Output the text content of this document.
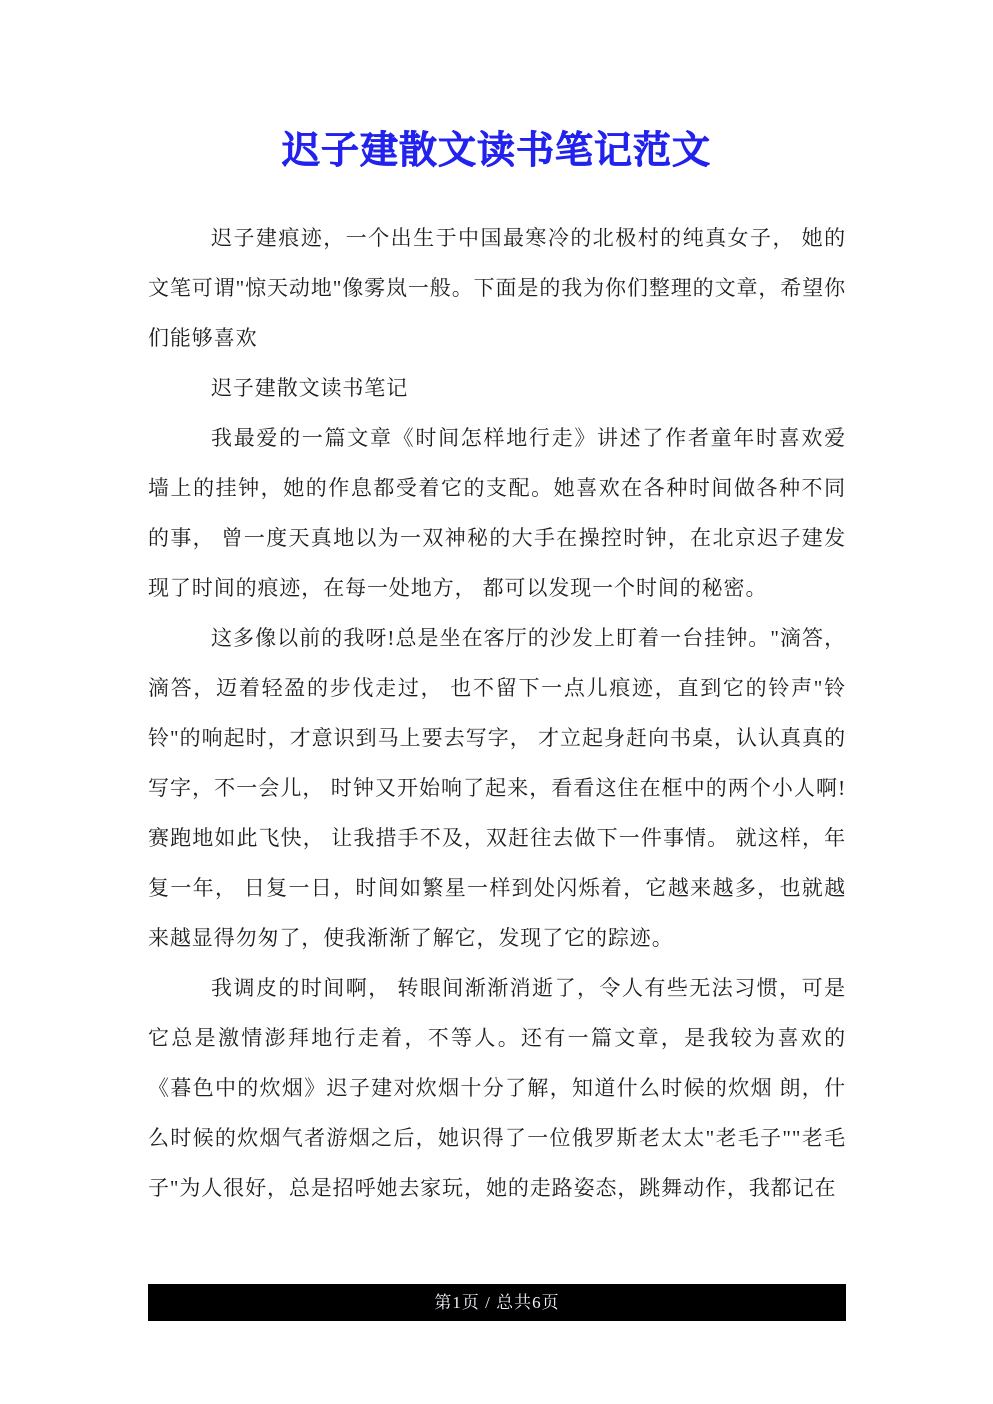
迟子建散文读书笔记范文
迟子建痕迹，一个出生于中国最寒冷的北极村的纯真女子， 她的文笔可谓"惊天动地"像雾岚一般。下面是的我为你们整理的文章，希望你们能够喜欢
迟子建散文读书笔记
我最爱的一篇文章《时间怎样地行走》讲述了作者童年时喜欢爱墙上的挂钟，她的作息都受着它的支配。她喜欢在各种时间做各种不同的事， 曾一度天真地以为一双神秘的大手在操控时钟，在北京迟子建发现了时间的痕迹，在每一处地方， 都可以发现一个时间的秘密。
这多像以前的我呀!总是坐在客厅的沙发上盯着一台挂钟。"滴答，滴答，迈着轻盈的步伐走过， 也不留下一点儿痕迹，直到它的铃声"铃铃"的响起时，才意识到马上要去写字， 才立起身赶向书桌，认认真真的写字，不一会儿， 时钟又开始响了起来，看看这住在框中的两个小人啊!赛跑地如此飞快， 让我措手不及，双赶往去做下一件事情。 就这样，年复一年， 日复一日，时间如繁星一样到处闪烁着，它越来越多，也就越来越显得勿匆了，使我渐渐了解它，发现了它的踪迹。
我调皮的时间啊， 转眼间渐渐消逝了，令人有些无法习惯，可是它总是激情澎拜地行走着，不等人。还有一篇文章，是我较为喜欢的《暮色中的炊烟》迟子建对炊烟十分了解，知道什么时候的炊烟 朗，什么时候的炊烟气者游烟之后，她识得了一位俄罗斯老太太"老毛子""老毛子"为人很好，总是招呼她去家玩，她的走路姿态，跳舞动作，我都记在
第1页 / 总共6页
